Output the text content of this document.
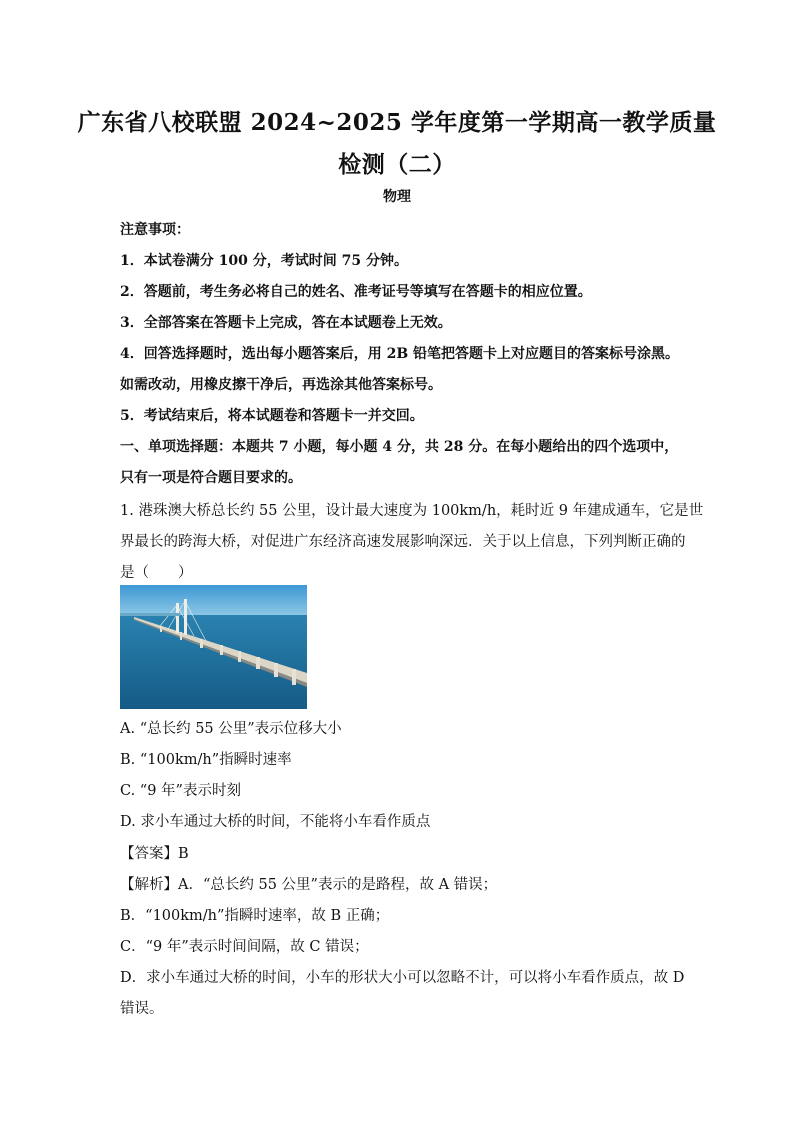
广东省八校联盟 2024~2025 学年度第一学期高一教学质量
检测（二）
物理
注意事项：
1．本试卷满分 100 分，考试时间 75 分钟。
2．答题前，考生务必将自己的姓名、准考证号等填写在答题卡的相应位置。
3．全部答案在答题卡上完成，答在本试题卷上无效。
4．回答选择题时，选出每小题答案后，用 2B 铅笔把答题卡上对应题目的答案标号涂黑。
如需改动，用橡皮擦干净后，再选涂其他答案标号。
5．考试结束后，将本试题卷和答题卡一并交回。
一、单项选择题：本题共 7 小题，每小题 4 分，共 28 分。在每小题给出的四个选项中，
只有一项是符合题目要求的。
1. 港珠澳大桥总长约 55 公里，设计最大速度为 100km/h，耗时近 9 年建成通车，它是世
界最长的跨海大桥，对促进广东经济高速发展影响深远．关于以上信息，下列判断正确的
是（　　）
A. “总长约 55 公里”表示位移大小
B. “100km/h”指瞬时速率
C. “9 年”表示时刻
D. 求小车通过大桥的时间，不能将小车看作质点
【答案】B
【解析】A．“总长约 55 公里”表示的是路程，故 A 错误；
B．“100km/h”指瞬时速率，故 B 正确；
C．“9 年”表示时间间隔，故 C 错误；
D．求小车通过大桥的时间，小车的形状大小可以忽略不计，可以将小车看作质点，故 D
错误。
